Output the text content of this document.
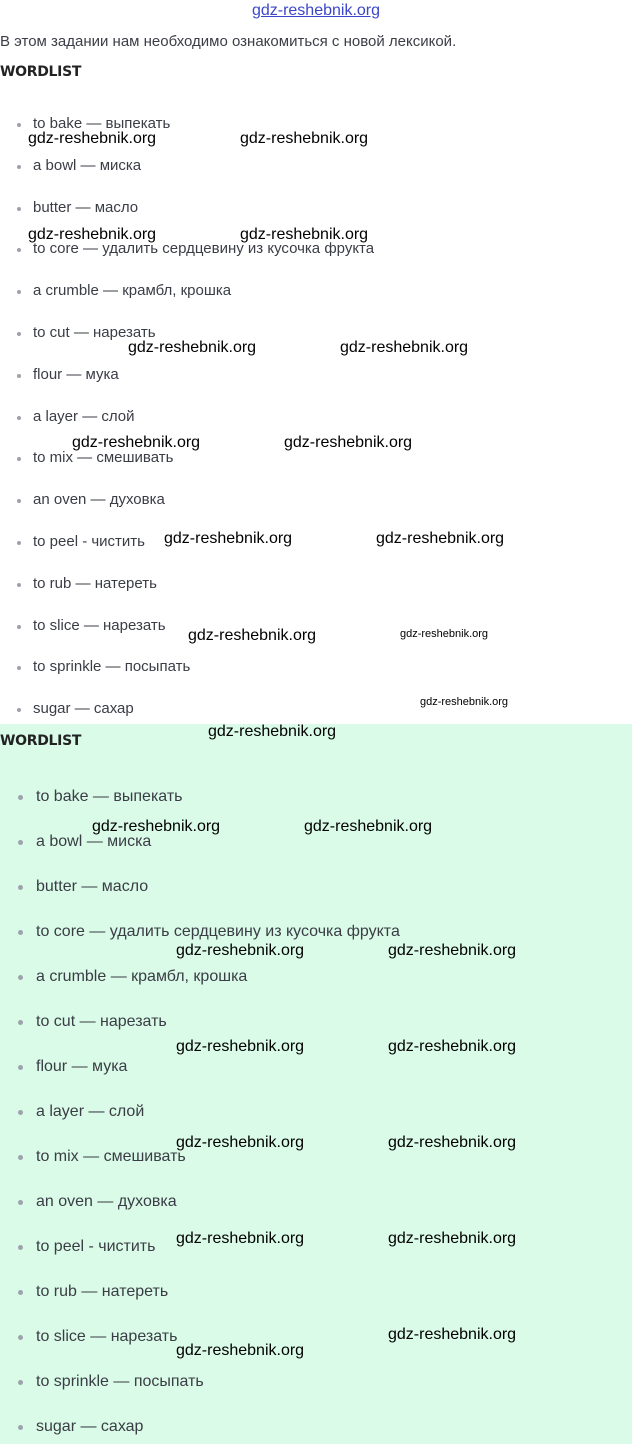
gdz-reshebnik.org
В этом задании нам необходимо ознакомиться с новой лексикой.
WORDLIST
to bake — выпекать
a bowl — миска
butter — масло
to core — удалить сердцевину из кусочка фрукта
a crumble — крамбл, крошка
to cut — нарезать
flour — мука
a layer — слой
to mix — смешивать
an oven — духовка
to peel - чистить
to rub — натереть
to slice — нарезать
to sprinkle — посыпать
sugar — сахар
WORDLIST
to bake — выпекать
a bowl — миска
butter — масло
to core — удалить сердцевину из кусочка фрукта
a crumble — крамбл, крошка
to cut — нарезать
flour — мука
a layer — слой
to mix — смешивать
an oven — духовка
to peel - чистить
to rub — натереть
to slice — нарезать
to sprinkle — посыпать
sugar — сахар
gdz-reshebnik.org	gdz-reshebnik.org
gdz-reshebnik.org	gdz-reshebnik.org
gdz-reshebnik.org	gdz-reshebnik.org
gdz-reshebnik.org	gdz-reshebnik.org
gdz-reshebnik.org	gdz-reshebnik.org
gdz-reshebnik.org	gdz-reshebnik.org
gdz-reshebnik.org
gdz-reshebnik.org
gdz-reshebnik.org	gdz-reshebnik.org
gdz-reshebnik.org	gdz-reshebnik.org
gdz-reshebnik.org	gdz-reshebnik.org
gdz-reshebnik.org	gdz-reshebnik.org
gdz-reshebnik.org	gdz-reshebnik.org
gdz-reshebnik.org
gdz-reshebnik.org
